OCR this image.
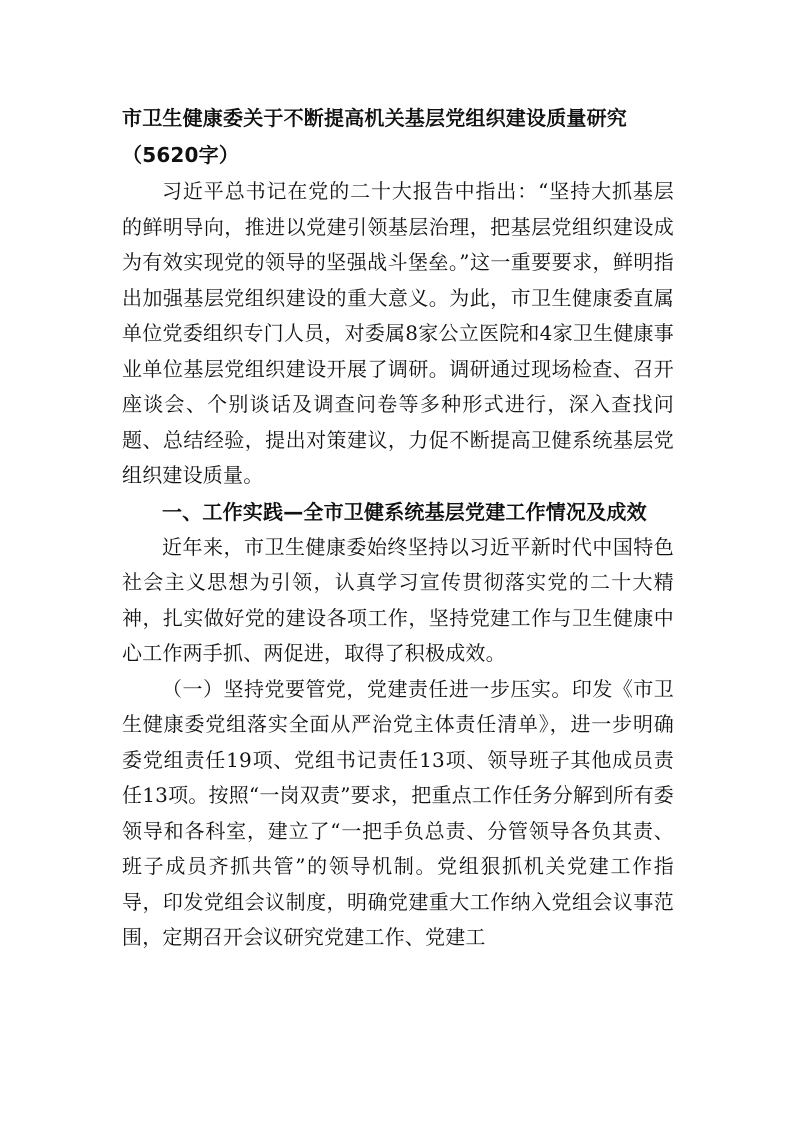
市卫生健康委关于不断提高机关基层党组织建设质量研究
（5620字）

习近平总书记在党的二十大报告中指出：“坚持大抓基层的鲜明导向，推进以党建引领基层治理，把基层党组织建设成为有效实现党的领导的坚强战斗堡垒。”这一重要要求，鲜明指出加强基层党组织建设的重大意义。为此，市卫生健康委直属单位党委组织专门人员，对委属8家公立医院和4家卫生健康事业单位基层党组织建设开展了调研。调研通过现场检查、召开座谈会、个别谈话及调查问卷等多种形式进行，深入查找问题、总结经验，提出对策建议，力促不断提高卫健系统基层党组织建设质量。

一、工作实践—全市卫健系统基层党建工作情况及成效

近年来，市卫生健康委始终坚持以习近平新时代中国特色社会主义思想为引领，认真学习宣传贯彻落实党的二十大精神，扎实做好党的建设各项工作，坚持党建工作与卫生健康中心工作两手抓、两促进，取得了积极成效。

（一）坚持党要管党，党建责任进一步压实。印发《市卫生健康委党组落实全面从严治党主体责任清单》，进一步明确委党组责任19项、党组书记责任13项、领导班子其他成员责任13项。按照“一岗双责”要求，把重点工作任务分解到所有委领导和各科室，建立了“一把手负总责、分管领导各负其责、班子成员齐抓共管”的领导机制。党组狠抓机关党建工作指导，印发党组会议制度，明确党建重大工作纳入党组会议事范围，定期召开会议研究党建工作、党建工
